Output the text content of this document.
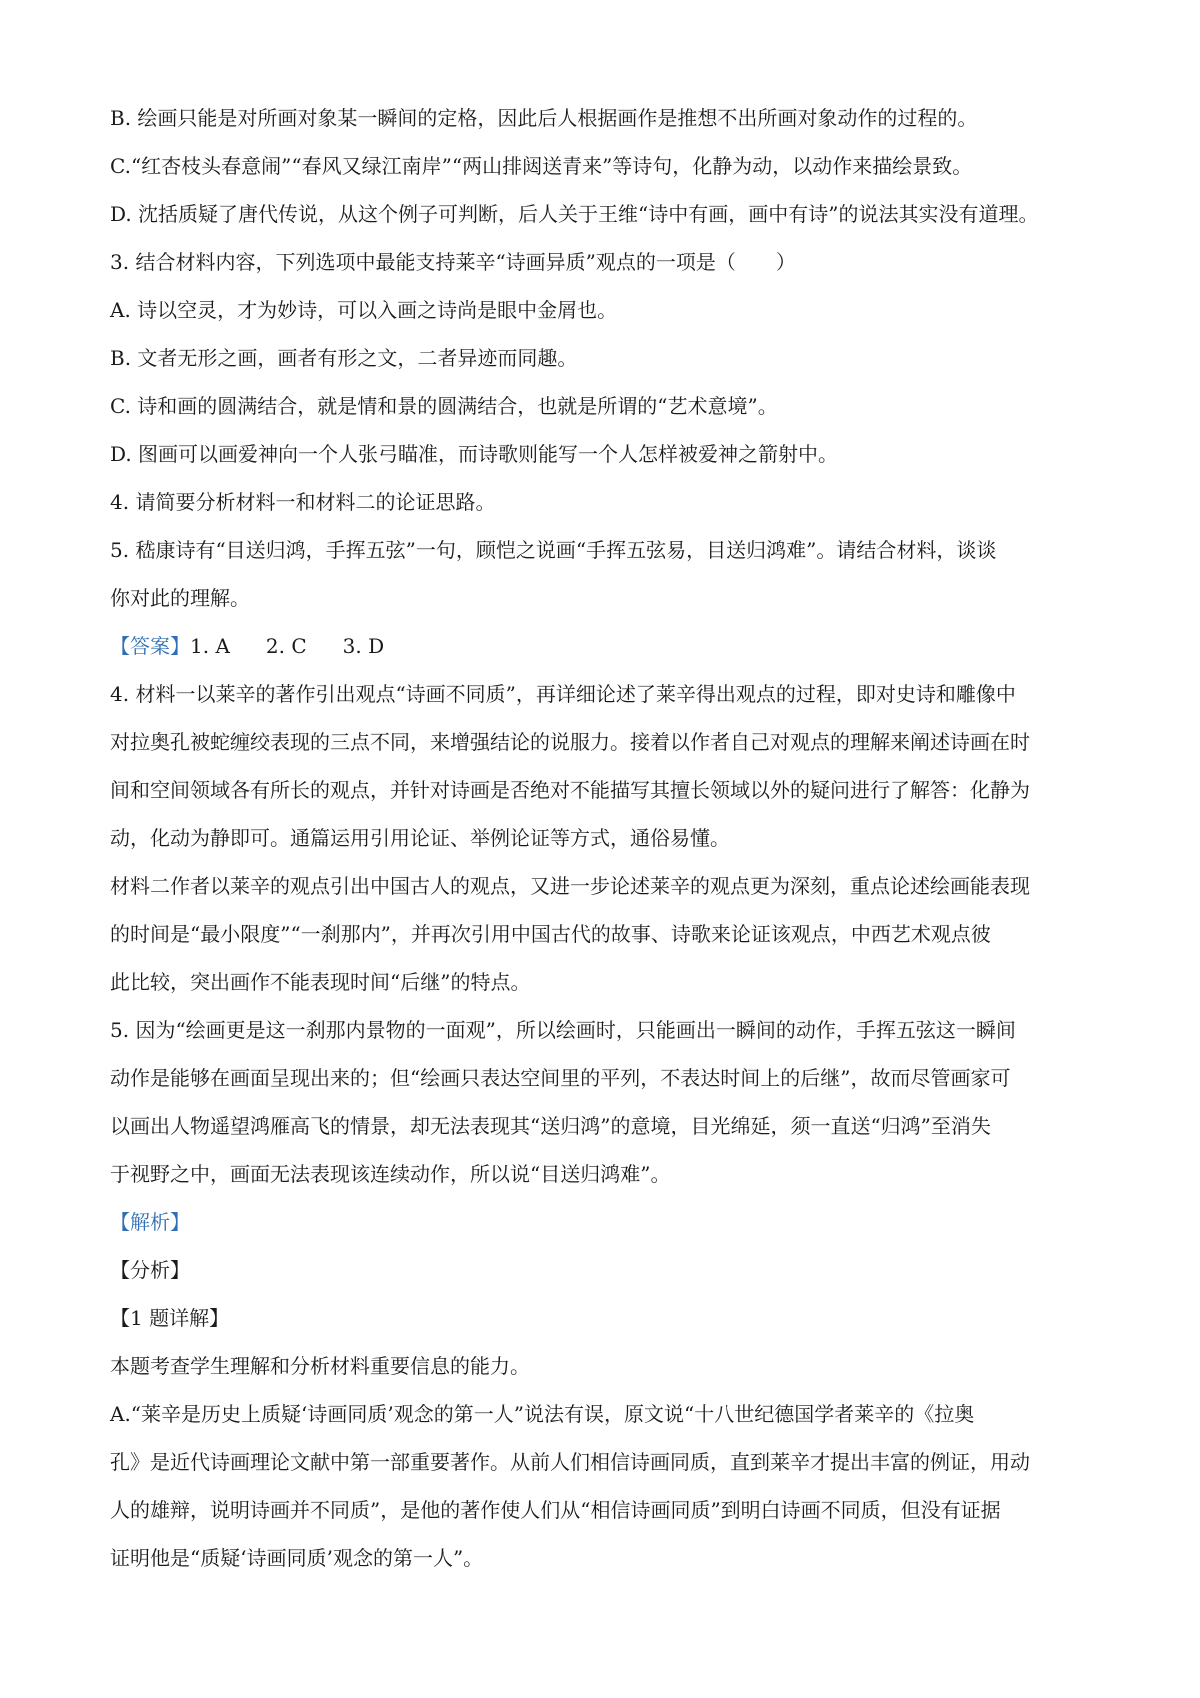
B. 绘画只能是对所画对象某一瞬间的定格，因此后人根据画作是推想不出所画对象动作的过程的。
C.“红杏枝头春意闹”“春风又绿江南岸”“两山排闼送青来”等诗句，化静为动，以动作来描绘景致。
D. 沈括质疑了唐代传说，从这个例子可判断，后人关于王维“诗中有画，画中有诗”的说法其实没有道理。
3. 结合材料内容，下列选项中最能支持莱辛“诗画异质”观点的一项是（　　）
A. 诗以空灵，才为妙诗，可以入画之诗尚是眼中金屑也。
B. 文者无形之画，画者有形之文，二者异迹而同趣。
C. 诗和画的圆满结合，就是情和景的圆满结合，也就是所谓的“艺术意境”。
D. 图画可以画爱神向一个人张弓瞄准，而诗歌则能写一个人怎样被爱神之箭射中。
4. 请简要分析材料一和材料二的论证思路。
5. 嵇康诗有“目送归鸿，手挥五弦”一句，顾恺之说画“手挥五弦易，目送归鸿难”。请结合材料，谈谈
你对此的理解。
【答案】1. A 2. C 3. D
4. 材料一以莱辛的著作引出观点“诗画不同质”，再详细论述了莱辛得出观点的过程，即对史诗和雕像中
对拉奥孔被蛇缠绞表现的三点不同，来增强结论的说服力。接着以作者自己对观点的理解来阐述诗画在时
间和空间领域各有所长的观点，并针对诗画是否绝对不能描写其擅长领域以外的疑问进行了解答：化静为
动，化动为静即可。通篇运用引用论证、举例论证等方式，通俗易懂。
材料二作者以莱辛的观点引出中国古人的观点，又进一步论述莱辛的观点更为深刻，重点论述绘画能表现
的时间是“最小限度”“一刹那内”，并再次引用中国古代的故事、诗歌来论证该观点，中西艺术观点彼
此比较，突出画作不能表现时间“后继”的特点。
5. 因为“绘画更是这一刹那内景物的一面观”，所以绘画时，只能画出一瞬间的动作，手挥五弦这一瞬间
动作是能够在画面呈现出来的；但“绘画只表达空间里的平列，不表达时间上的后继”，故而尽管画家可
以画出人物遥望鸿雁高飞的情景，却无法表现其“送归鸿”的意境，目光绵延，须一直送“归鸿”至消失
于视野之中，画面无法表现该连续动作，所以说“目送归鸿难”。
【解析】
【分析】
【1 题详解】
本题考查学生理解和分析材料重要信息的能力。
A.“莱辛是历史上质疑‘诗画同质’观念的第一人”说法有误，原文说“十八世纪德国学者莱辛的《拉奥
孔》是近代诗画理论文献中第一部重要著作。从前人们相信诗画同质，直到莱辛才提出丰富的例证，用动
人的雄辩，说明诗画并不同质”，是他的著作使人们从“相信诗画同质”到明白诗画不同质，但没有证据
证明他是“质疑‘诗画同质’观念的第一人”。
